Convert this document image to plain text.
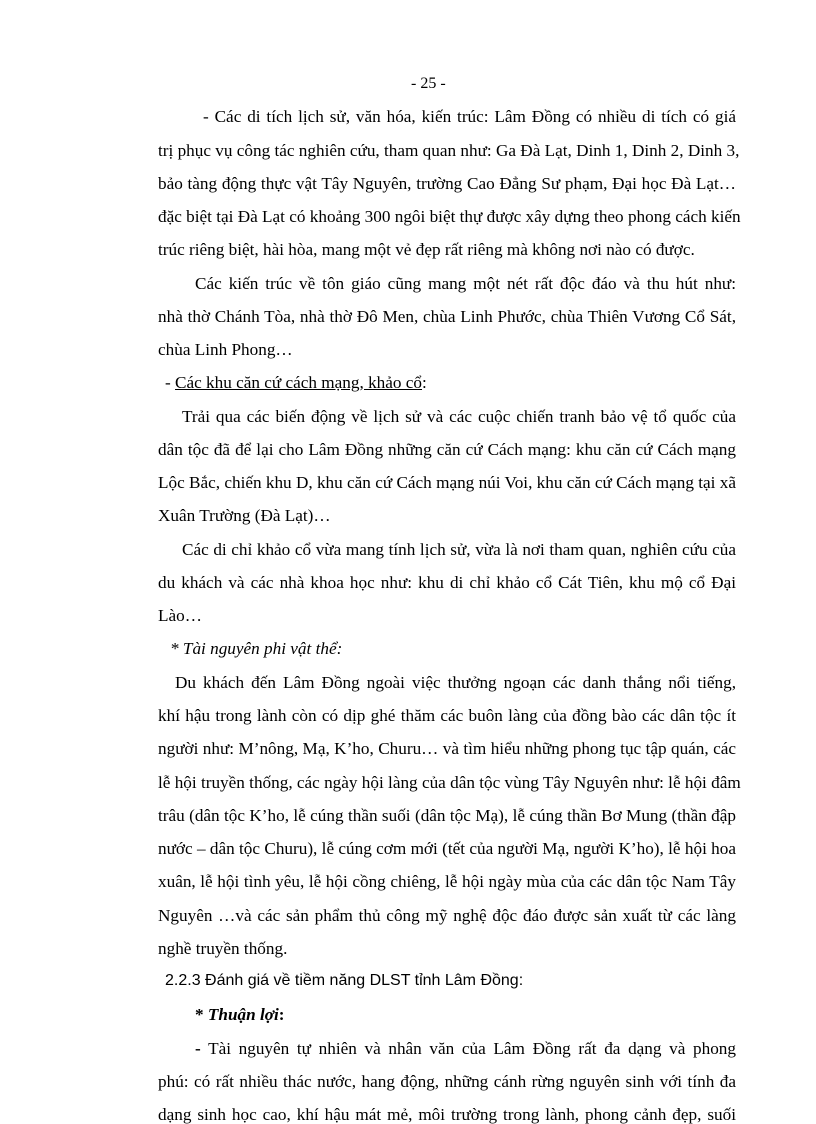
- 25 -
- Các di tích lịch sử, văn hóa, kiến trúc: Lâm Đồng có nhiều di tích có giá
trị phục vụ công tác nghiên cứu, tham quan như: Ga Đà Lạt, Dinh 1, Dinh 2, Dinh 3,
bảo tàng động thực vật Tây Nguyên, trường Cao Đẳng Sư phạm, Đại học Đà Lạt…
đặc biệt tại Đà Lạt có khoảng 300 ngôi biệt thự được xây dựng theo phong cách kiến
trúc riêng biệt, hài hòa, mang một vẻ đẹp rất riêng mà không nơi nào có được.
Các kiến trúc về tôn giáo cũng mang một nét rất độc đáo và thu hút như:
nhà thờ Chánh Tòa, nhà thờ Đô Men, chùa Linh Phước, chùa Thiên Vương Cổ Sát,
chùa Linh Phong…
- Các khu căn cứ cách mạng, khảo cổ:
Trải qua các biến động về lịch sử và các cuộc chiến tranh bảo vệ tổ quốc của
dân tộc đã để lại cho Lâm Đồng những căn cứ Cách mạng: khu căn cứ Cách mạng
Lộc Bắc, chiến khu D, khu căn cứ Cách mạng núi Voi, khu căn cứ Cách mạng tại xã
Xuân Trường (Đà Lạt)…
Các di chỉ khảo cổ vừa mang tính lịch sử, vừa là nơi tham quan, nghiên cứu của
du khách và các nhà khoa học như: khu di chỉ khảo cổ Cát Tiên, khu mộ cổ Đại
Lào…
* Tài nguyên phi vật thể:
Du khách đến Lâm Đồng ngoài việc thưởng ngoạn các danh thắng nổi tiếng,
khí hậu trong lành còn có dịp ghé thăm các buôn làng của đồng bào các dân tộc ít
người như: M’nông, Mạ, K’ho, Churu… và tìm hiểu những phong tục tập quán, các
lễ hội truyền thống, các ngày hội làng của dân tộc vùng Tây Nguyên như: lễ hội đâm
trâu (dân tộc K’ho, lễ cúng thần suối (dân tộc Mạ), lễ cúng thần Bơ Mung (thần đập
nước – dân tộc Churu), lễ cúng cơm mới (tết của người Mạ, người K’ho), lễ hội hoa
xuân, lễ hội tình yêu, lễ hội cồng chiêng, lễ hội ngày mùa của các dân tộc Nam Tây
Nguyên …và các sản phẩm thủ công mỹ nghệ độc đáo được sản xuất từ các làng
nghề truyền thống.
2.2.3 Đánh giá về tiềm năng DLST tỉnh Lâm Đồng:
* Thuận lợi:
- Tài nguyên tự nhiên và nhân văn của Lâm Đồng rất đa dạng và phong
phú: có rất nhiều thác nước, hang động, những cánh rừng nguyên sinh với tính đa
dạng sinh học cao, khí hậu mát mẻ, môi trường trong lành, phong cảnh đẹp, suối
